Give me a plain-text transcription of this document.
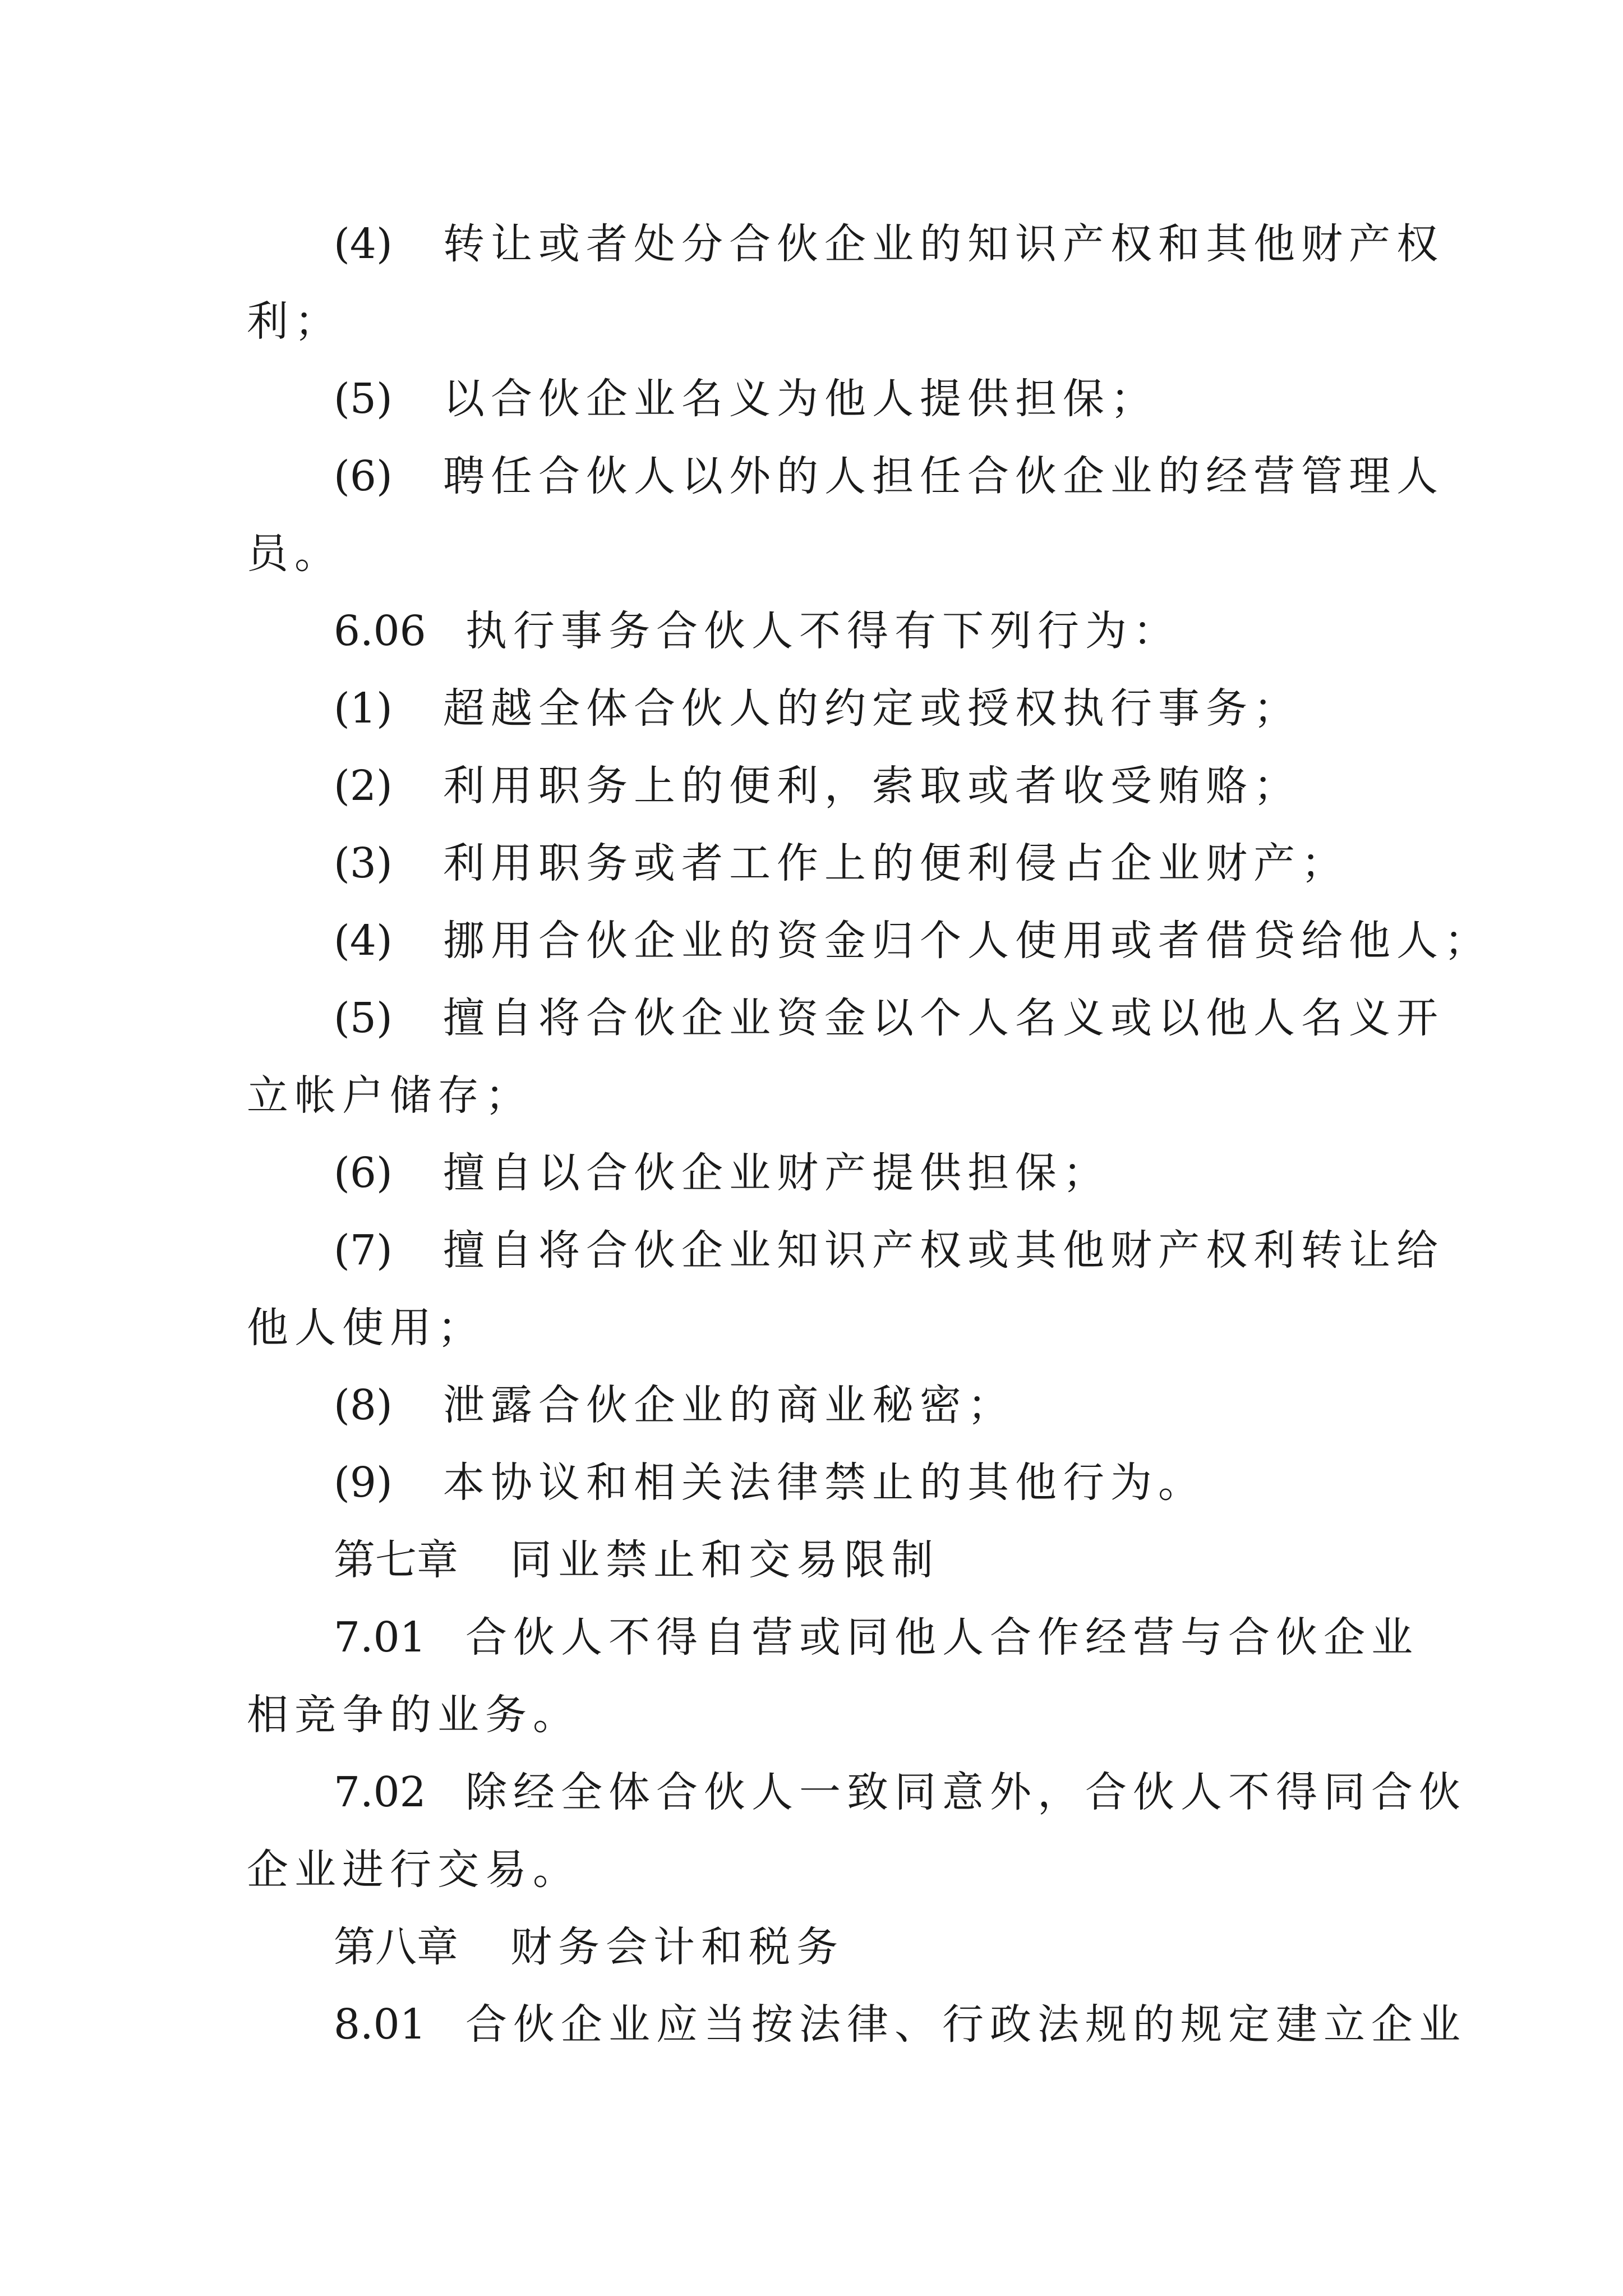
(4) 转让或者处分合伙企业的知识产权和其他财产权
利；
(5) 以合伙企业名义为他人提供担保；
(6) 聘任合伙人以外的人担任合伙企业的经营管理人
员。
6.06 执行事务合伙人不得有下列行为：
(1) 超越全体合伙人的约定或授权执行事务；
(2) 利用职务上的便利，索取或者收受贿赂；
(3) 利用职务或者工作上的便利侵占企业财产；
(4) 挪用合伙企业的资金归个人使用或者借贷给他人；
(5) 擅自将合伙企业资金以个人名义或以他人名义开
立帐户储存；
(6) 擅自以合伙企业财产提供担保；
(7) 擅自将合伙企业知识产权或其他财产权利转让给
他人使用；
(8) 泄露合伙企业的商业秘密；
(9) 本协议和相关法律禁止的其他行为。
第七章 同业禁止和交易限制
7.01 合伙人不得自营或同他人合作经营与合伙企业
相竞争的业务。
7.02 除经全体合伙人一致同意外，合伙人不得同合伙
企业进行交易。
第八章 财务会计和税务
8.01 合伙企业应当按法律、行政法规的规定建立企业
